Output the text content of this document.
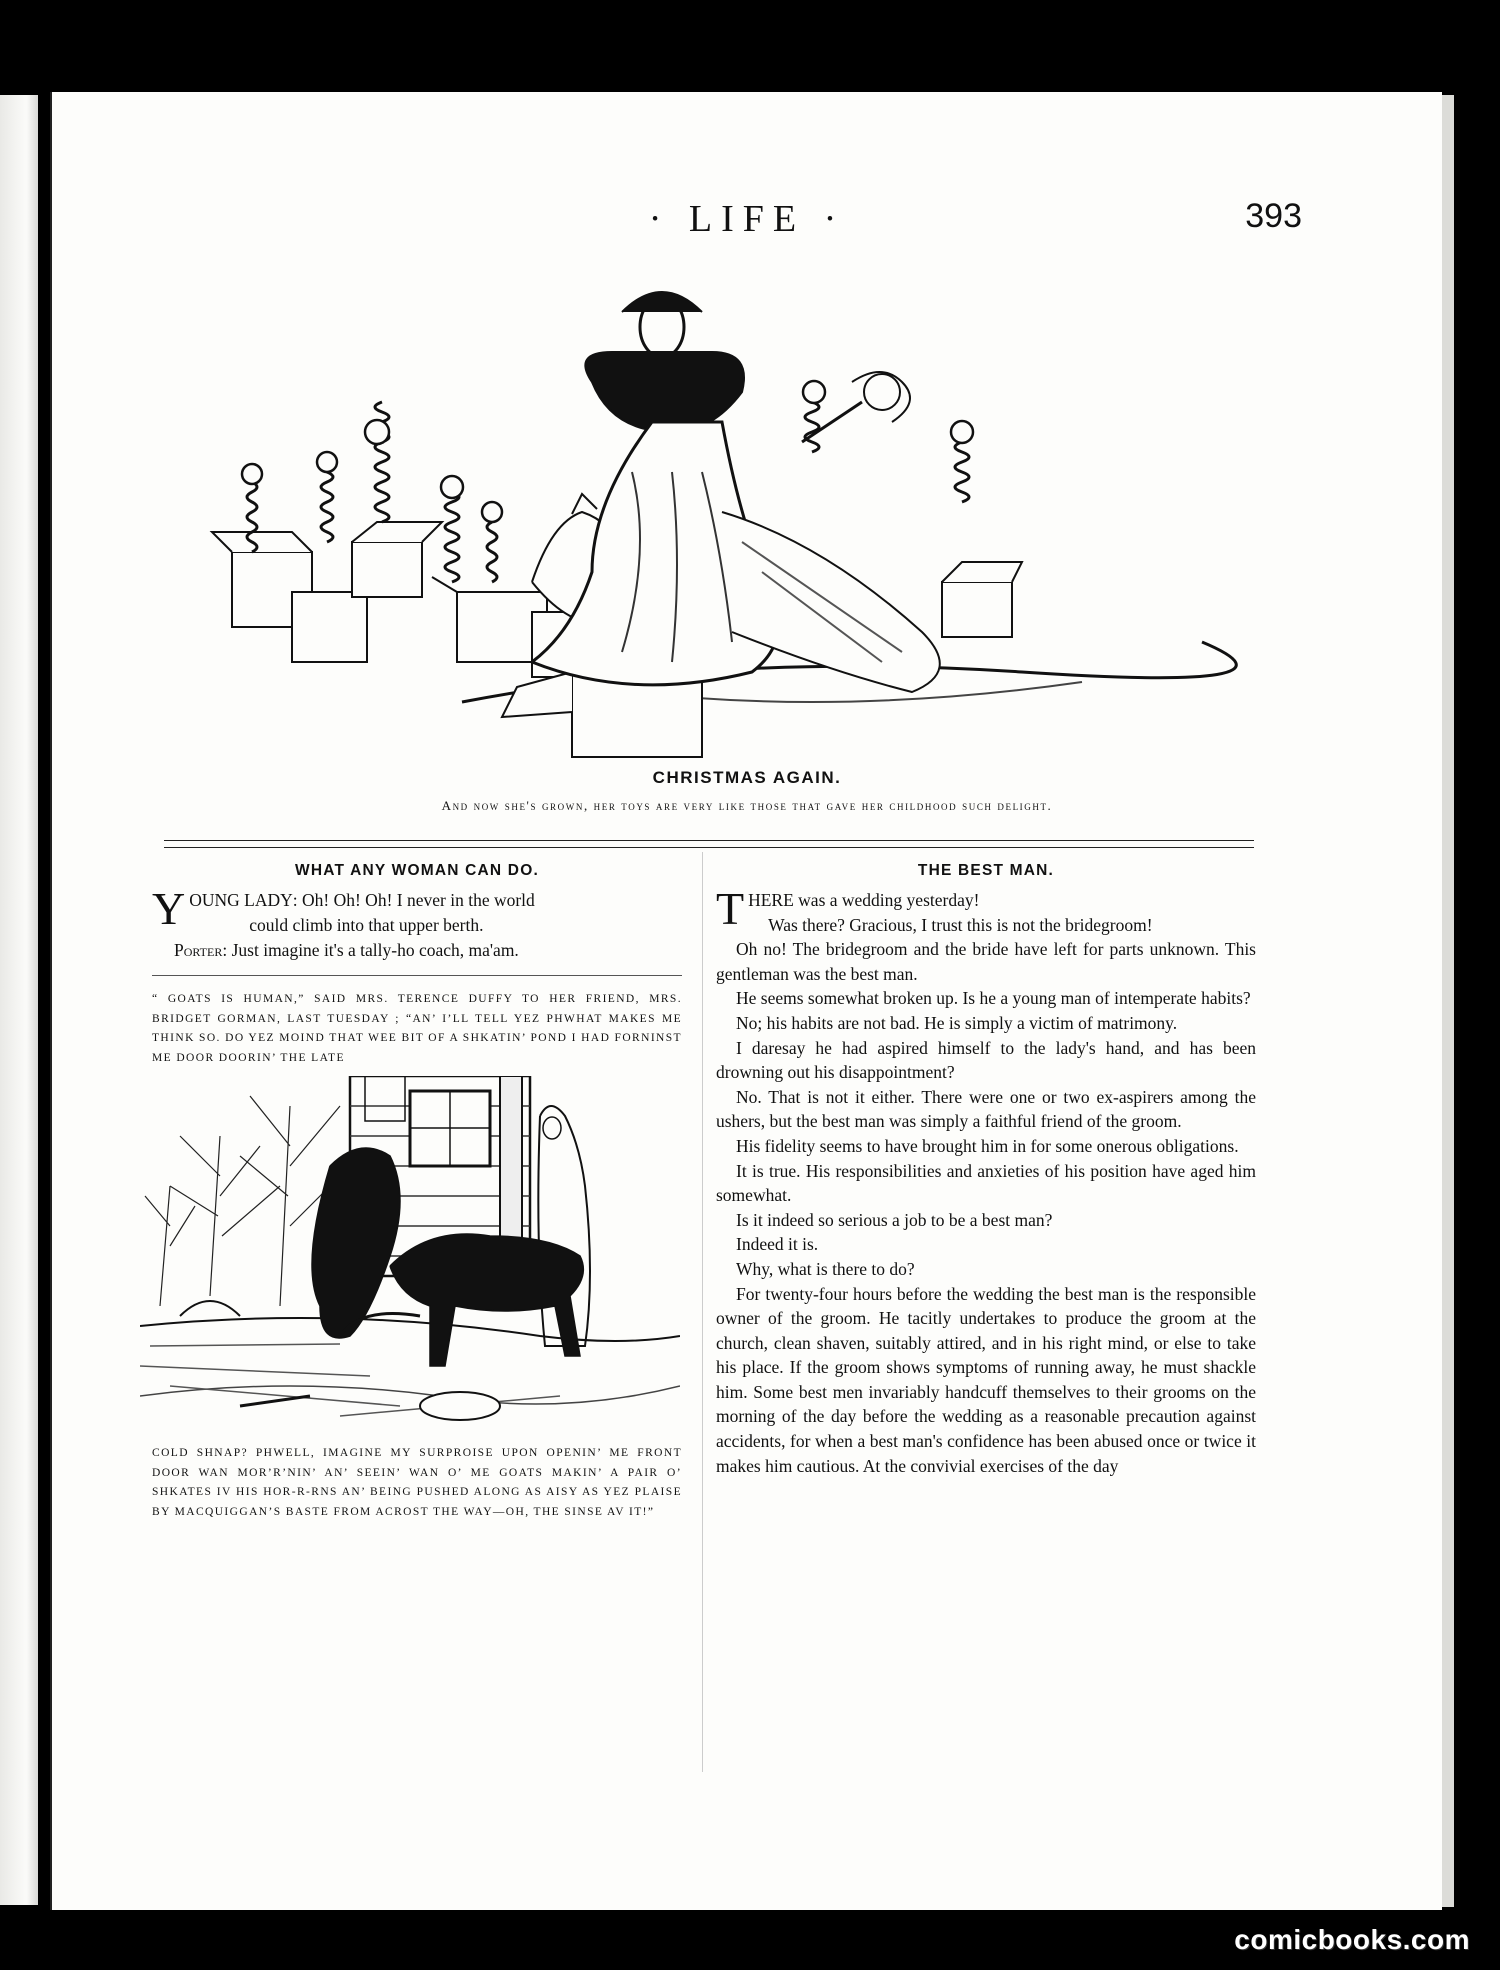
· LIFE ·	393
CHRISTMAS AGAIN.
And now she's grown, her toys are very like those that gave her childhood such delight.
WHAT ANY WOMAN CAN DO.
Y OUNG LADY: Oh! Oh! Oh! I never in the world
could climb into that upper berth.
Porter: Just imagine it's a tally-ho coach, ma'am.

“ GOATS IS HUMAN,” SAID MRS. TERENCE DUFFY TO HER FRIEND, MRS. BRIDGET GORMAN, LAST TUESDAY ; “AN’ I’LL TELL YEZ PHWHAT MAKES ME THINK SO. DO YEZ MOIND THAT WEE BIT OF A SHKATIN’ POND I HAD FORNINST ME DOOR DOORIN’ THE LATE

COLD SHNAP? PHWELL, IMAGINE MY SURPROISE UPON OPENIN’ ME FRONT DOOR WAN MOR’R’NIN’ AN’ SEEIN’ WAN O’ ME GOATS MAKIN’ A PAIR O’ SHKATES IV HIS HOR-R-RNS AN’ BEING PUSHED ALONG AS AISY AS YEZ PLAISE BY MACQUIGGAN’S BASTE FROM ACROST THE WAY—OH, THE SINSE AV IT!”

THE BEST MAN.

THERE was a wedding yesterday!

Was there? Gracious, I trust this is not the bridegroom!

Oh no! The bridegroom and the bride have left for parts unknown. This gentleman was the best man.

He seems somewhat broken up. Is he a young man of intemperate habits?

No; his habits are not bad. He is simply a victim of matrimony.

I daresay he had aspired himself to the lady's hand, and has been drowning out his disappointment?

No. That is not it either. There were one or two ex-aspirers among the ushers, but the best man was simply a faithful friend of the groom.

His fidelity seems to have brought him in for some onerous obligations.

It is true. His responsibilities and anxieties of his position have aged him somewhat.

Is it indeed so serious a job to be a best man?

Indeed it is.

Why, what is there to do?

For twenty-four hours before the wedding the best man is the responsible owner of the groom. He tacitly undertakes to produce the groom at the church, clean shaven, suitably attired, and in his right mind, or else to take his place. If the groom shows symptoms of running away, he must shackle him. Some best men invariably handcuff themselves to their grooms on the morning of the day before the wedding as a reasonable precaution against accidents, for when a best man's confidence has been abused once or twice it makes him cautious. At the convivial exercises of the day

comicbooks.com
